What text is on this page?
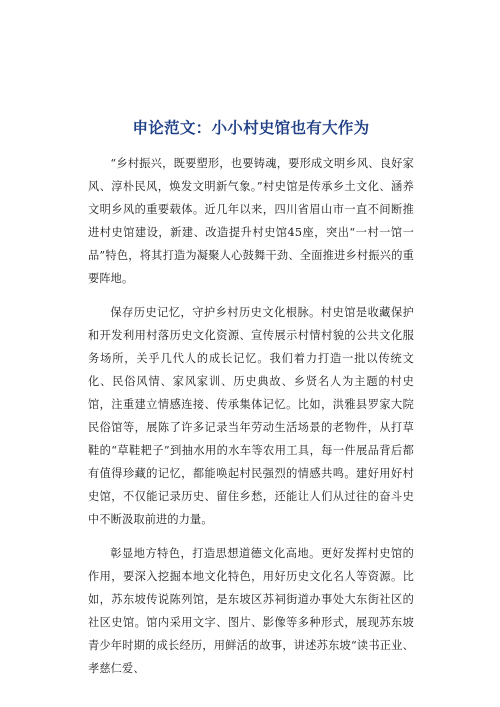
申论范文：小小村史馆也有大作为

“乡村振兴，既要塑形，也要铸魂，要形成文明乡风、良好家风、淳朴民风，焕发文明新气象。”村史馆是传承乡土文化、涵养文明乡风的重要载体。近几年以来，四川省眉山市一直不间断推进村史馆建设，新建、改造提升村史馆45座，突出“一村一馆一品”特色，将其打造为凝聚人心鼓舞干劲、全面推进乡村振兴的重要阵地。

保存历史记忆，守护乡村历史文化根脉。村史馆是收藏保护和开发利用村落历史文化资源、宣传展示村情村貌的公共文化服务场所，关乎几代人的成长记忆。我们着力打造一批以传统文化、民俗风情、家风家训、历史典故、乡贤名人为主题的村史馆，注重建立情感连接、传承集体记忆。比如，洪雅县罗家大院民俗馆等，展陈了许多记录当年劳动生活场景的老物件，从打草鞋的“草鞋耙子”到抽水用的水车等农用工具，每一件展品背后都有值得珍藏的记忆，都能唤起村民强烈的情感共鸣。建好用好村史馆，不仅能记录历史、留住乡愁，还能让人们从过往的奋斗史中不断汲取前进的力量。

彰显地方特色，打造思想道德文化高地。更好发挥村史馆的作用，要深入挖掘本地文化特色，用好历史文化名人等资源。比如，苏东坡传说陈列馆，是东坡区苏祠街道办事处大东街社区的社区史馆。馆内采用文字、图片、影像等多种形式，展现苏东坡青少年时期的成长经历，用鲜活的故事，讲述苏东坡“读书正业、孝慈仁爱、
